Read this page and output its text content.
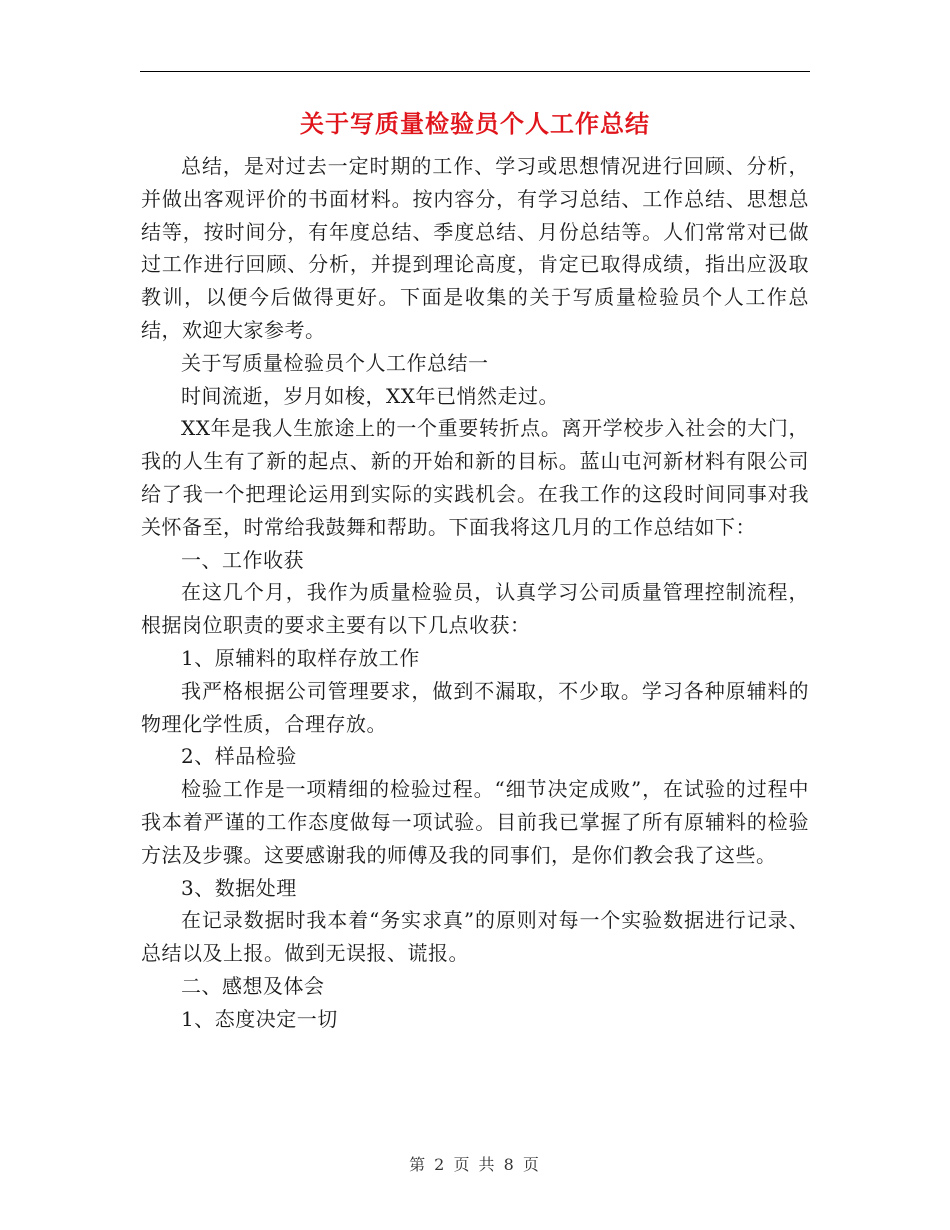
关于写质量检验员个人工作总结

总结，是对过去一定时期的工作、学习或思想情况进行回顾、分析，并做出客观评价的书面材料。按内容分，有学习总结、工作总结、思想总结等，按时间分，有年度总结、季度总结、月份总结等。人们常常对已做过工作进行回顾、分析，并提到理论高度，肯定已取得成绩，指出应汲取教训，以便今后做得更好。下面是收集的关于写质量检验员个人工作总结，欢迎大家参考。

关于写质量检验员个人工作总结一

时间流逝，岁月如梭，XX年已悄然走过。

XX年是我人生旅途上的一个重要转折点。离开学校步入社会的大门，我的人生有了新的起点、新的开始和新的目标。蓝山屯河新材料有限公司给了我一个把理论运用到实际的实践机会。在我工作的这段时间同事对我关怀备至，时常给我鼓舞和帮助。下面我将这几月的工作总结如下：

一、工作收获

在这几个月，我作为质量检验员，认真学习公司质量管理控制流程，根据岗位职责的要求主要有以下几点收获：

1、原辅料的取样存放工作

我严格根据公司管理要求，做到不漏取，不少取。学习各种原辅料的物理化学性质，合理存放。

2、样品检验

检验工作是一项精细的检验过程。“细节决定成败”，在试验的过程中我本着严谨的工作态度做每一项试验。目前我已掌握了所有原辅料的检验方法及步骤。这要感谢我的师傅及我的同事们，是你们教会我了这些。

3、数据处理

在记录数据时我本着“务实求真”的原则对每一个实验数据进行记录、总结以及上报。做到无误报、谎报。

二、感想及体会

1、态度决定一切

第 2 页 共 8 页
